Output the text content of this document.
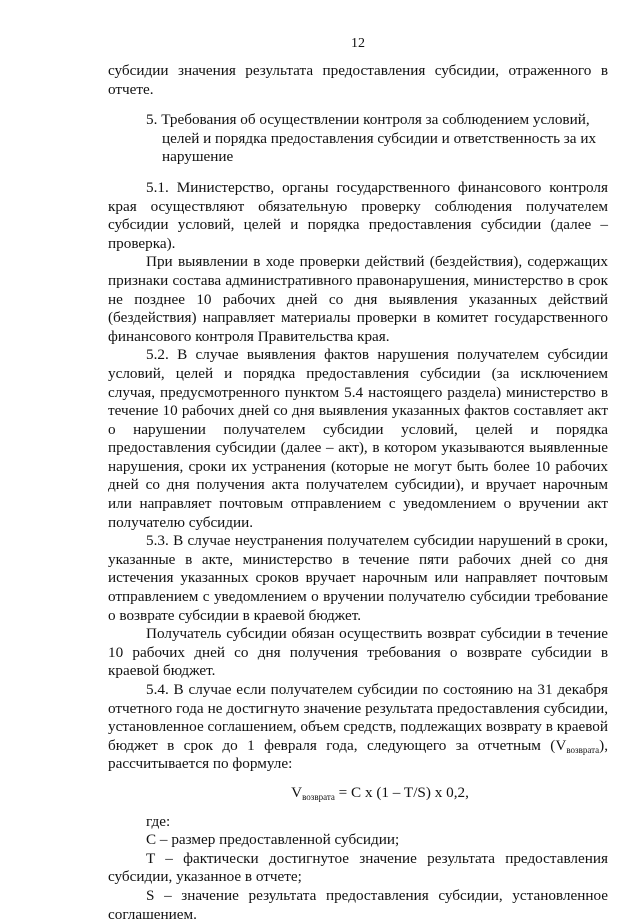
12

субсидии значения результата предоставления субсидии, отраженного в отчете.

5. Требования об осуществлении контроля за соблюдением условий,
целей и порядка предоставления субсидии и ответственность за их нарушение

5.1. Министерство, органы государственного финансового контроля края осуществляют обязательную проверку соблюдения получателем субсидии условий, целей и порядка предоставления субсидии (далее – проверка).

При выявлении в ходе проверки действий (бездействия), содержащих признаки состава административного правонарушения, министерство в срок не позднее 10 рабочих дней со дня выявления указанных действий (бездействия) направляет материалы проверки в комитет государственного финансового контроля Правительства края.

5.2. В случае выявления фактов нарушения получателем субсидии условий, целей и порядка предоставления субсидии (за исключением случая, предусмотренного пунктом 5.4 настоящего раздела) министерство в течение 10 рабочих дней со дня выявления указанных фактов составляет акт о нарушении получателем субсидии условий, целей и порядка предоставления субсидии (далее – акт), в котором указываются выявленные нарушения, сроки их устранения (которые не могут быть более 10 рабочих дней со дня получения акта получателем субсидии), и вручает нарочным или направляет почтовым отправлением с уведомлением о вручении акт получателю субсидии.

5.3. В случае неустранения получателем субсидии нарушений в сроки, указанные в акте, министерство в течение пяти рабочих дней со дня истечения указанных сроков вручает нарочным или направляет почтовым отправлением с уведомлением о вручении получателю субсидии требование о возврате субсидии в краевой бюджет.

Получатель субсидии обязан осуществить возврат субсидии в течение 10 рабочих дней со дня получения требования о возврате субсидии в краевой бюджет.

5.4. В случае если получателем субсидии по состоянию на 31 декабря отчетного года не достигнуто значение результата предоставления субсидии, установленное соглашением, объем средств, подлежащих возврату в краевой бюджет в срок до 1 февраля года, следующего за отчетным $(V_{возврата})$, рассчитывается по формуле:

$V_{возврата} = C$ x (1 – T/S) x 0,2,

где:

C – размер предоставленной субсидии;

T – фактически достигнутое значение результата предоставления субсидии, указанное в отчете;

S – значение результата предоставления субсидии, установленное соглашением.
